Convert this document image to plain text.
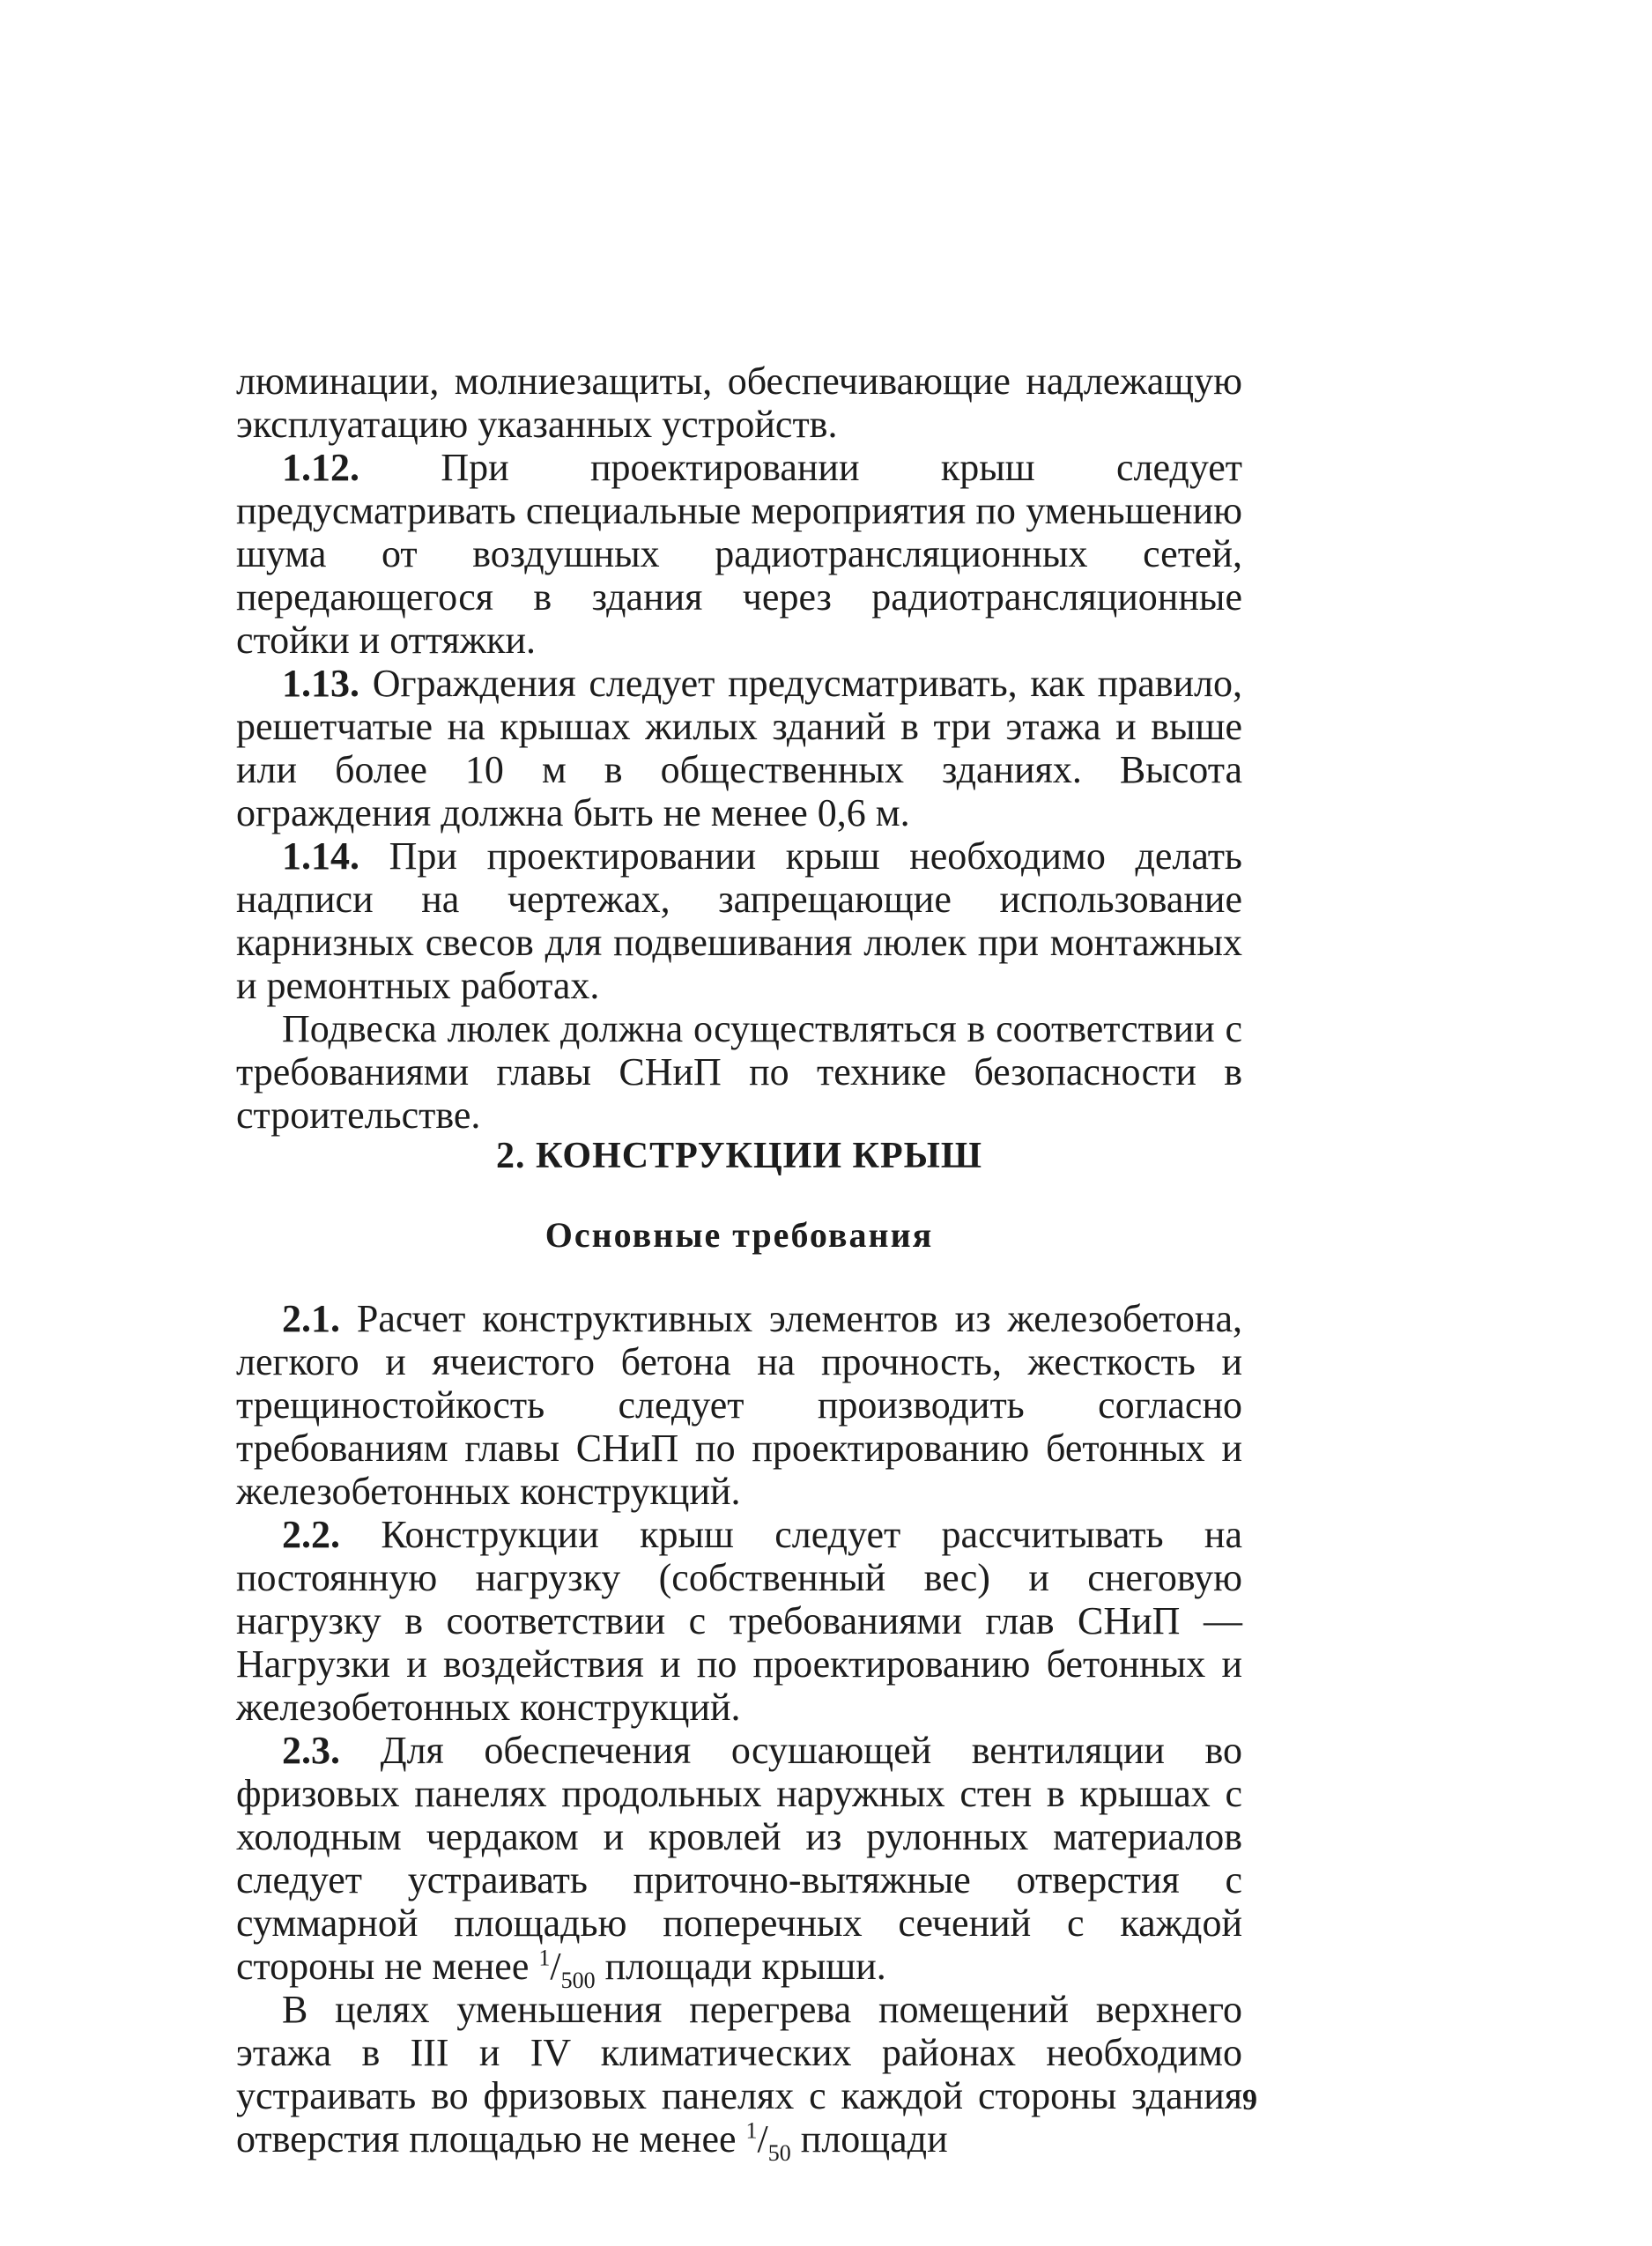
люминации, молниезащиты, обеспечивающие надлежащую эксплуатацию указанных устройств.

1.12. При проектировании крыш следует предусматривать специальные мероприятия по уменьшению шума от воздушных радиотрансляционных сетей, передающегося в здания через радиотрансляционные стойки и оттяжки.

1.13. Ограждения следует предусматривать, как правило, решетчатые на крышах жилых зданий в три этажа и выше или более 10 м в общественных зданиях. Высота ограждения должна быть не менее 0,6 м.

1.14. При проектировании крыш необходимо делать надписи на чертежах, запрещающие использование карнизных свесов для подвешивания люлек при монтажных и ремонтных работах.

Подвеска люлек должна осуществляться в соответствии с требованиями главы СНиП по технике безопасности в строительстве.

2. КОНСТРУКЦИИ КРЫШ
Основные требования

2.1. Расчет конструктивных элементов из железобетона, легкого и ячеистого бетона на прочность, жесткость и трещиностойкость следует производить согласно требованиям главы СНиП по проектированию бетонных и железобетонных конструкций.

2.2. Конструкции крыш следует рассчитывать на постоянную нагрузку (собственный вес) и снеговую нагрузку в соответствии с требованиями глав СНиП — Нагрузки и воздействия и по проектированию бетонных и железобетонных конструкций.

2.3. Для обеспечения осушающей вентиляции во фризовых панелях продольных наружных стен в крышах с холодным чердаком и кровлей из рулонных материалов следует устраивать приточно-вытяжные отверстия с суммарной площадью поперечных сечений с каждой стороны не менее $^1/_{500}$ площади крыши.

В целях уменьшения перегрева помещений верхнего этажа в III и IV климатических районах необходимо устраивать во фризовых панелях с каждой стороны здания отверстия площадью не менее $^1/_{50}$ площади

9
